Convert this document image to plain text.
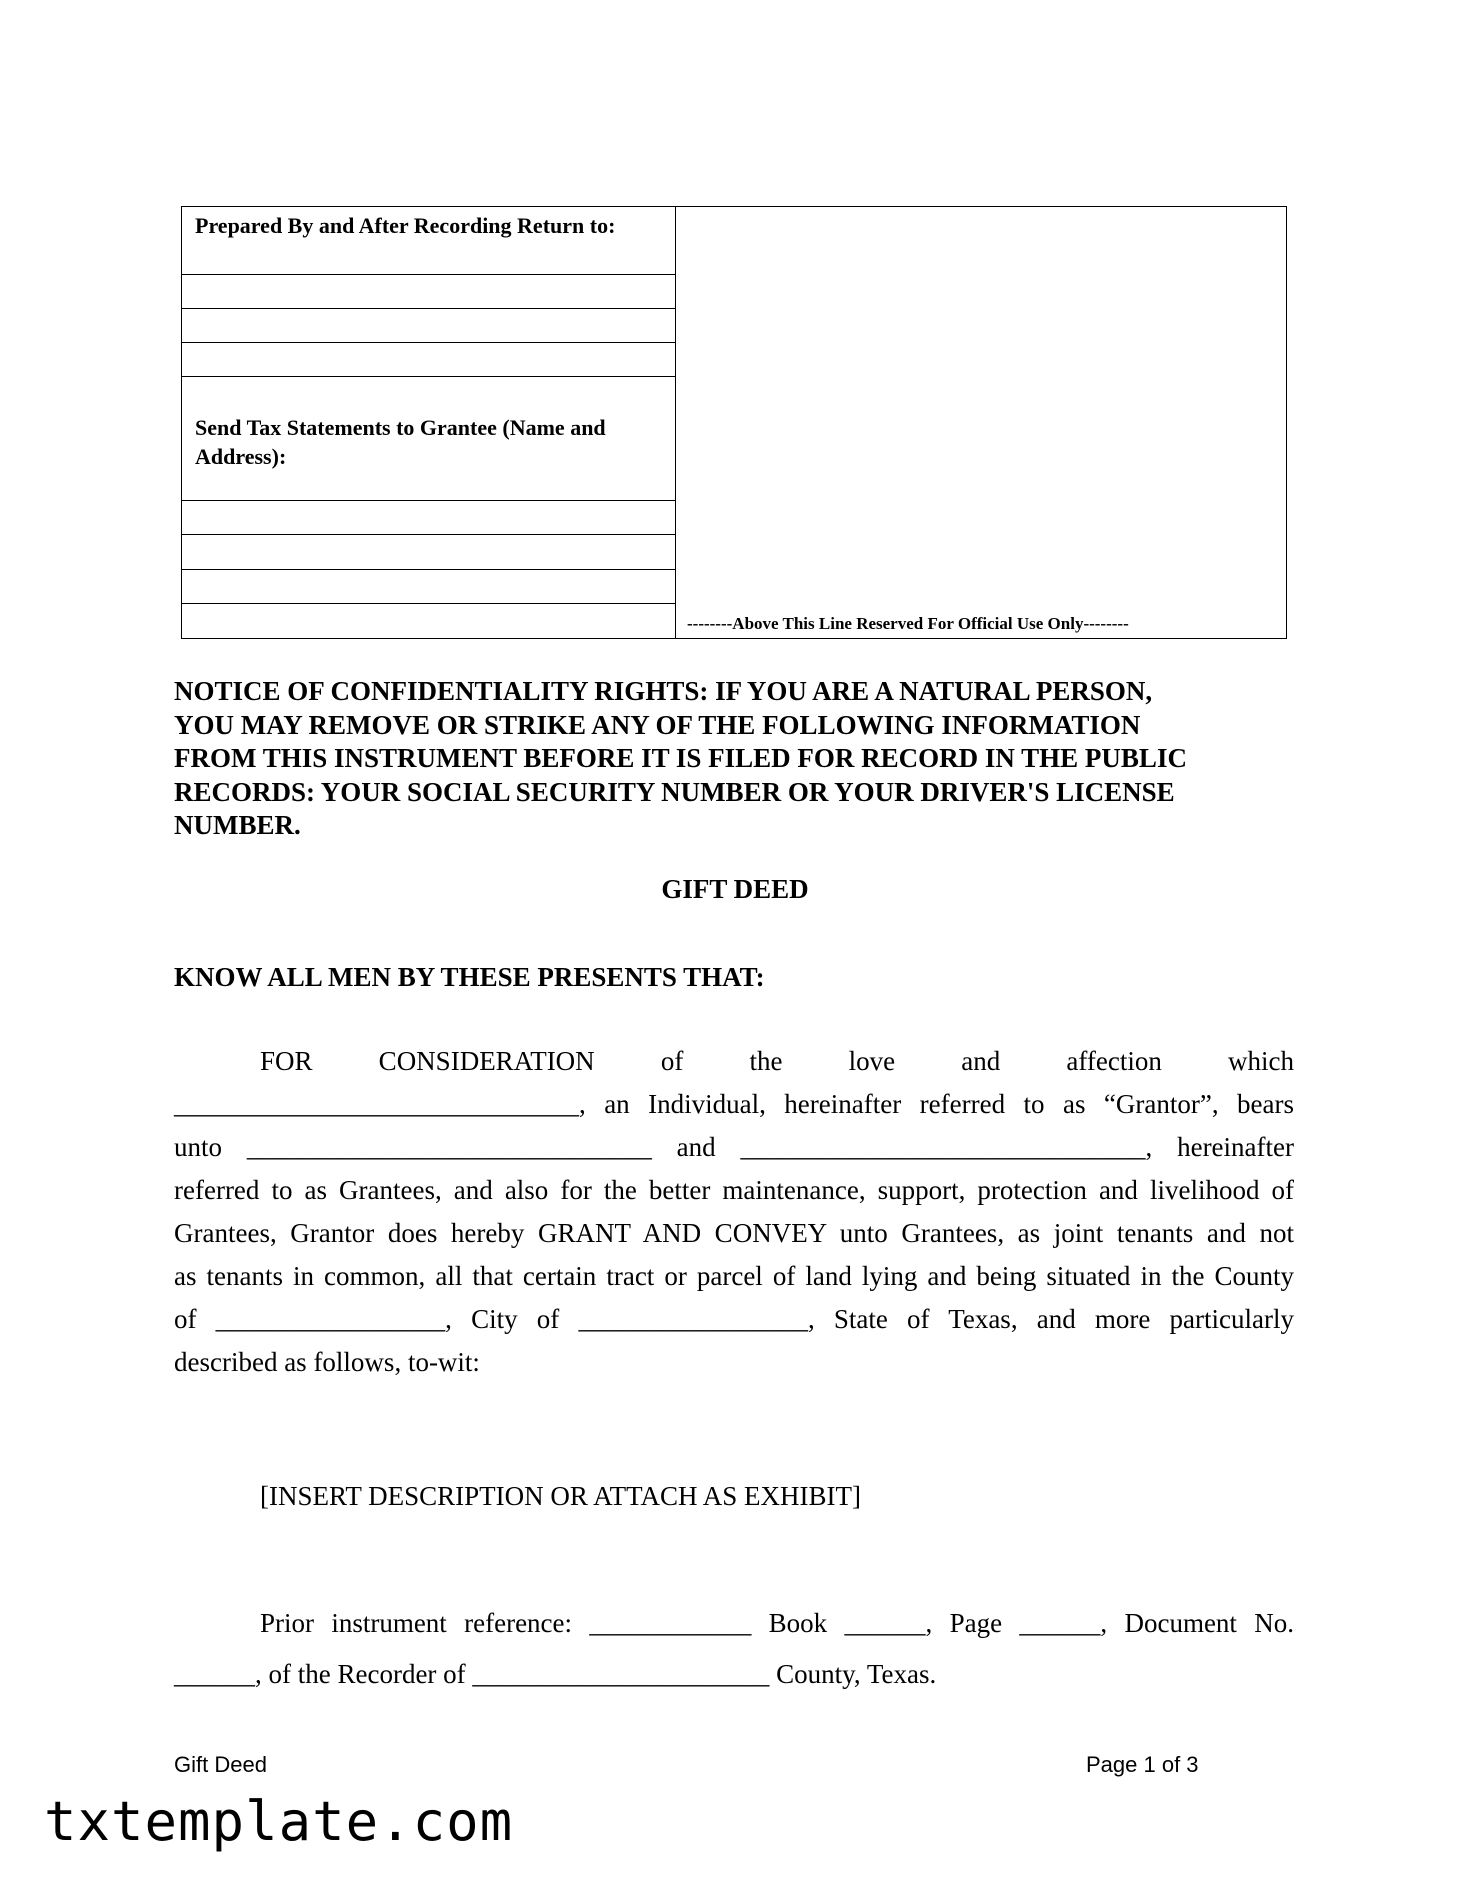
Prepared By and After Recording Return to:
Send Tax Statements to Grantee (Name and
Address):
--------Above This Line Reserved For Official Use Only--------
NOTICE OF CONFIDENTIALITY RIGHTS: IF YOU ARE A NATURAL PERSON,
YOU MAY REMOVE OR STRIKE ANY OF THE FOLLOWING INFORMATION
FROM THIS INSTRUMENT BEFORE IT IS FILED FOR RECORD IN THE PUBLIC
RECORDS: YOUR SOCIAL SECURITY NUMBER OR YOUR DRIVER'S LICENSE
NUMBER.
GIFT DEED
KNOW ALL MEN BY THESE PRESENTS THAT:
FOR CONSIDERATION of the love and affection which
______________________________, an Individual, hereinafter referred to as “Grantor”, bears
unto ______________________________ and ______________________________, hereinafter
referred to as Grantees, and also for the better maintenance, support, protection and livelihood of
Grantees, Grantor does hereby GRANT AND CONVEY unto Grantees, as joint tenants and not
as tenants in common, all that certain tract or parcel of land lying and being situated in the County
of _________________, City of _________________, State of Texas, and more particularly
described as follows, to-wit:
[INSERT DESCRIPTION OR ATTACH AS EXHIBIT]
Prior instrument reference: ____________ Book ______, Page ______, Document No.
______, of the Recorder of ______________________ County, Texas.
Gift Deed	Page 1 of 3
txtemplate.com
